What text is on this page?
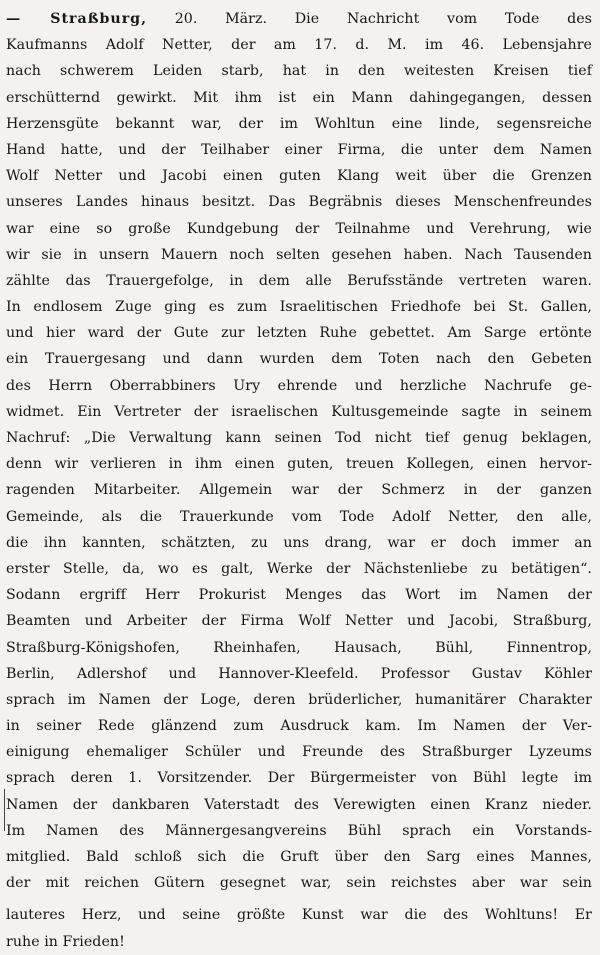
— Straßburg, 20. März. Die Nachricht vom Tode des
Kaufmanns Adolf Netter, der am 17. d. M. im 46. Lebensjahre
nach schwerem Leiden starb, hat in den weitesten Kreisen tief
erschütternd gewirkt. Mit ihm ist ein Mann dahingegangen, dessen
Herzensgüte bekannt war, der im Wohltun eine linde, segensreiche
Hand hatte, und der Teilhaber einer Firma, die unter dem Namen
Wolf Netter und Jacobi einen guten Klang weit über die Grenzen
unseres Landes hinaus besitzt. Das Begräbnis dieses Menschenfreundes
war eine so große Kundgebung der Teilnahme und Verehrung, wie
wir sie in unsern Mauern noch selten gesehen haben. Nach Tausenden
zählte das Trauergefolge, in dem alle Berufsstände vertreten waren.
In endlosem Zuge ging es zum Israelitischen Friedhofe bei St. Gallen,
und hier ward der Gute zur letzten Ruhe gebettet. Am Sarge ertönte
ein Trauergesang und dann wurden dem Toten nach den Gebeten
des Herrn Oberrabbiners Ury ehrende und herzliche Nachrufe ge-
widmet. Ein Vertreter der israelischen Kultusgemeinde sagte in seinem
Nachruf: „Die Verwaltung kann seinen Tod nicht tief genug beklagen,
denn wir verlieren in ihm einen guten, treuen Kollegen, einen hervor-
ragenden Mitarbeiter. Allgemein war der Schmerz in der ganzen
Gemeinde, als die Trauerkunde vom Tode Adolf Netter, den alle,
die ihn kannten, schätzten, zu uns drang, war er doch immer an
erster Stelle, da, wo es galt, Werke der Nächstenliebe zu betätigen“.
Sodann ergriff Herr Prokurist Menges das Wort im Namen der
Beamten und Arbeiter der Firma Wolf Netter und Jacobi, Straßburg,
Straßburg-Königshofen, Rheinhafen, Hausach, Bühl, Finnentrop,
Berlin, Adlershof und Hannover-Kleefeld. Professor Gustav Köhler
sprach im Namen der Loge, deren brüderlicher, humanitärer Charakter
in seiner Rede glänzend zum Ausdruck kam. Im Namen der Ver-
einigung ehemaliger Schüler und Freunde des Straßburger Lyzeums
sprach deren 1. Vorsitzender. Der Bürgermeister von Bühl legte im
Namen der dankbaren Vaterstadt des Verewigten einen Kranz nieder.
Im Namen des Männergesangvereins Bühl sprach ein Vorstands-
mitglied. Bald schloß sich die Gruft über den Sarg eines Mannes,
der mit reichen Gütern gesegnet war, sein reichstes aber war sein
lauteres Herz, und seine größte Kunst war die des Wohltuns! Er
ruhe in Frieden!
